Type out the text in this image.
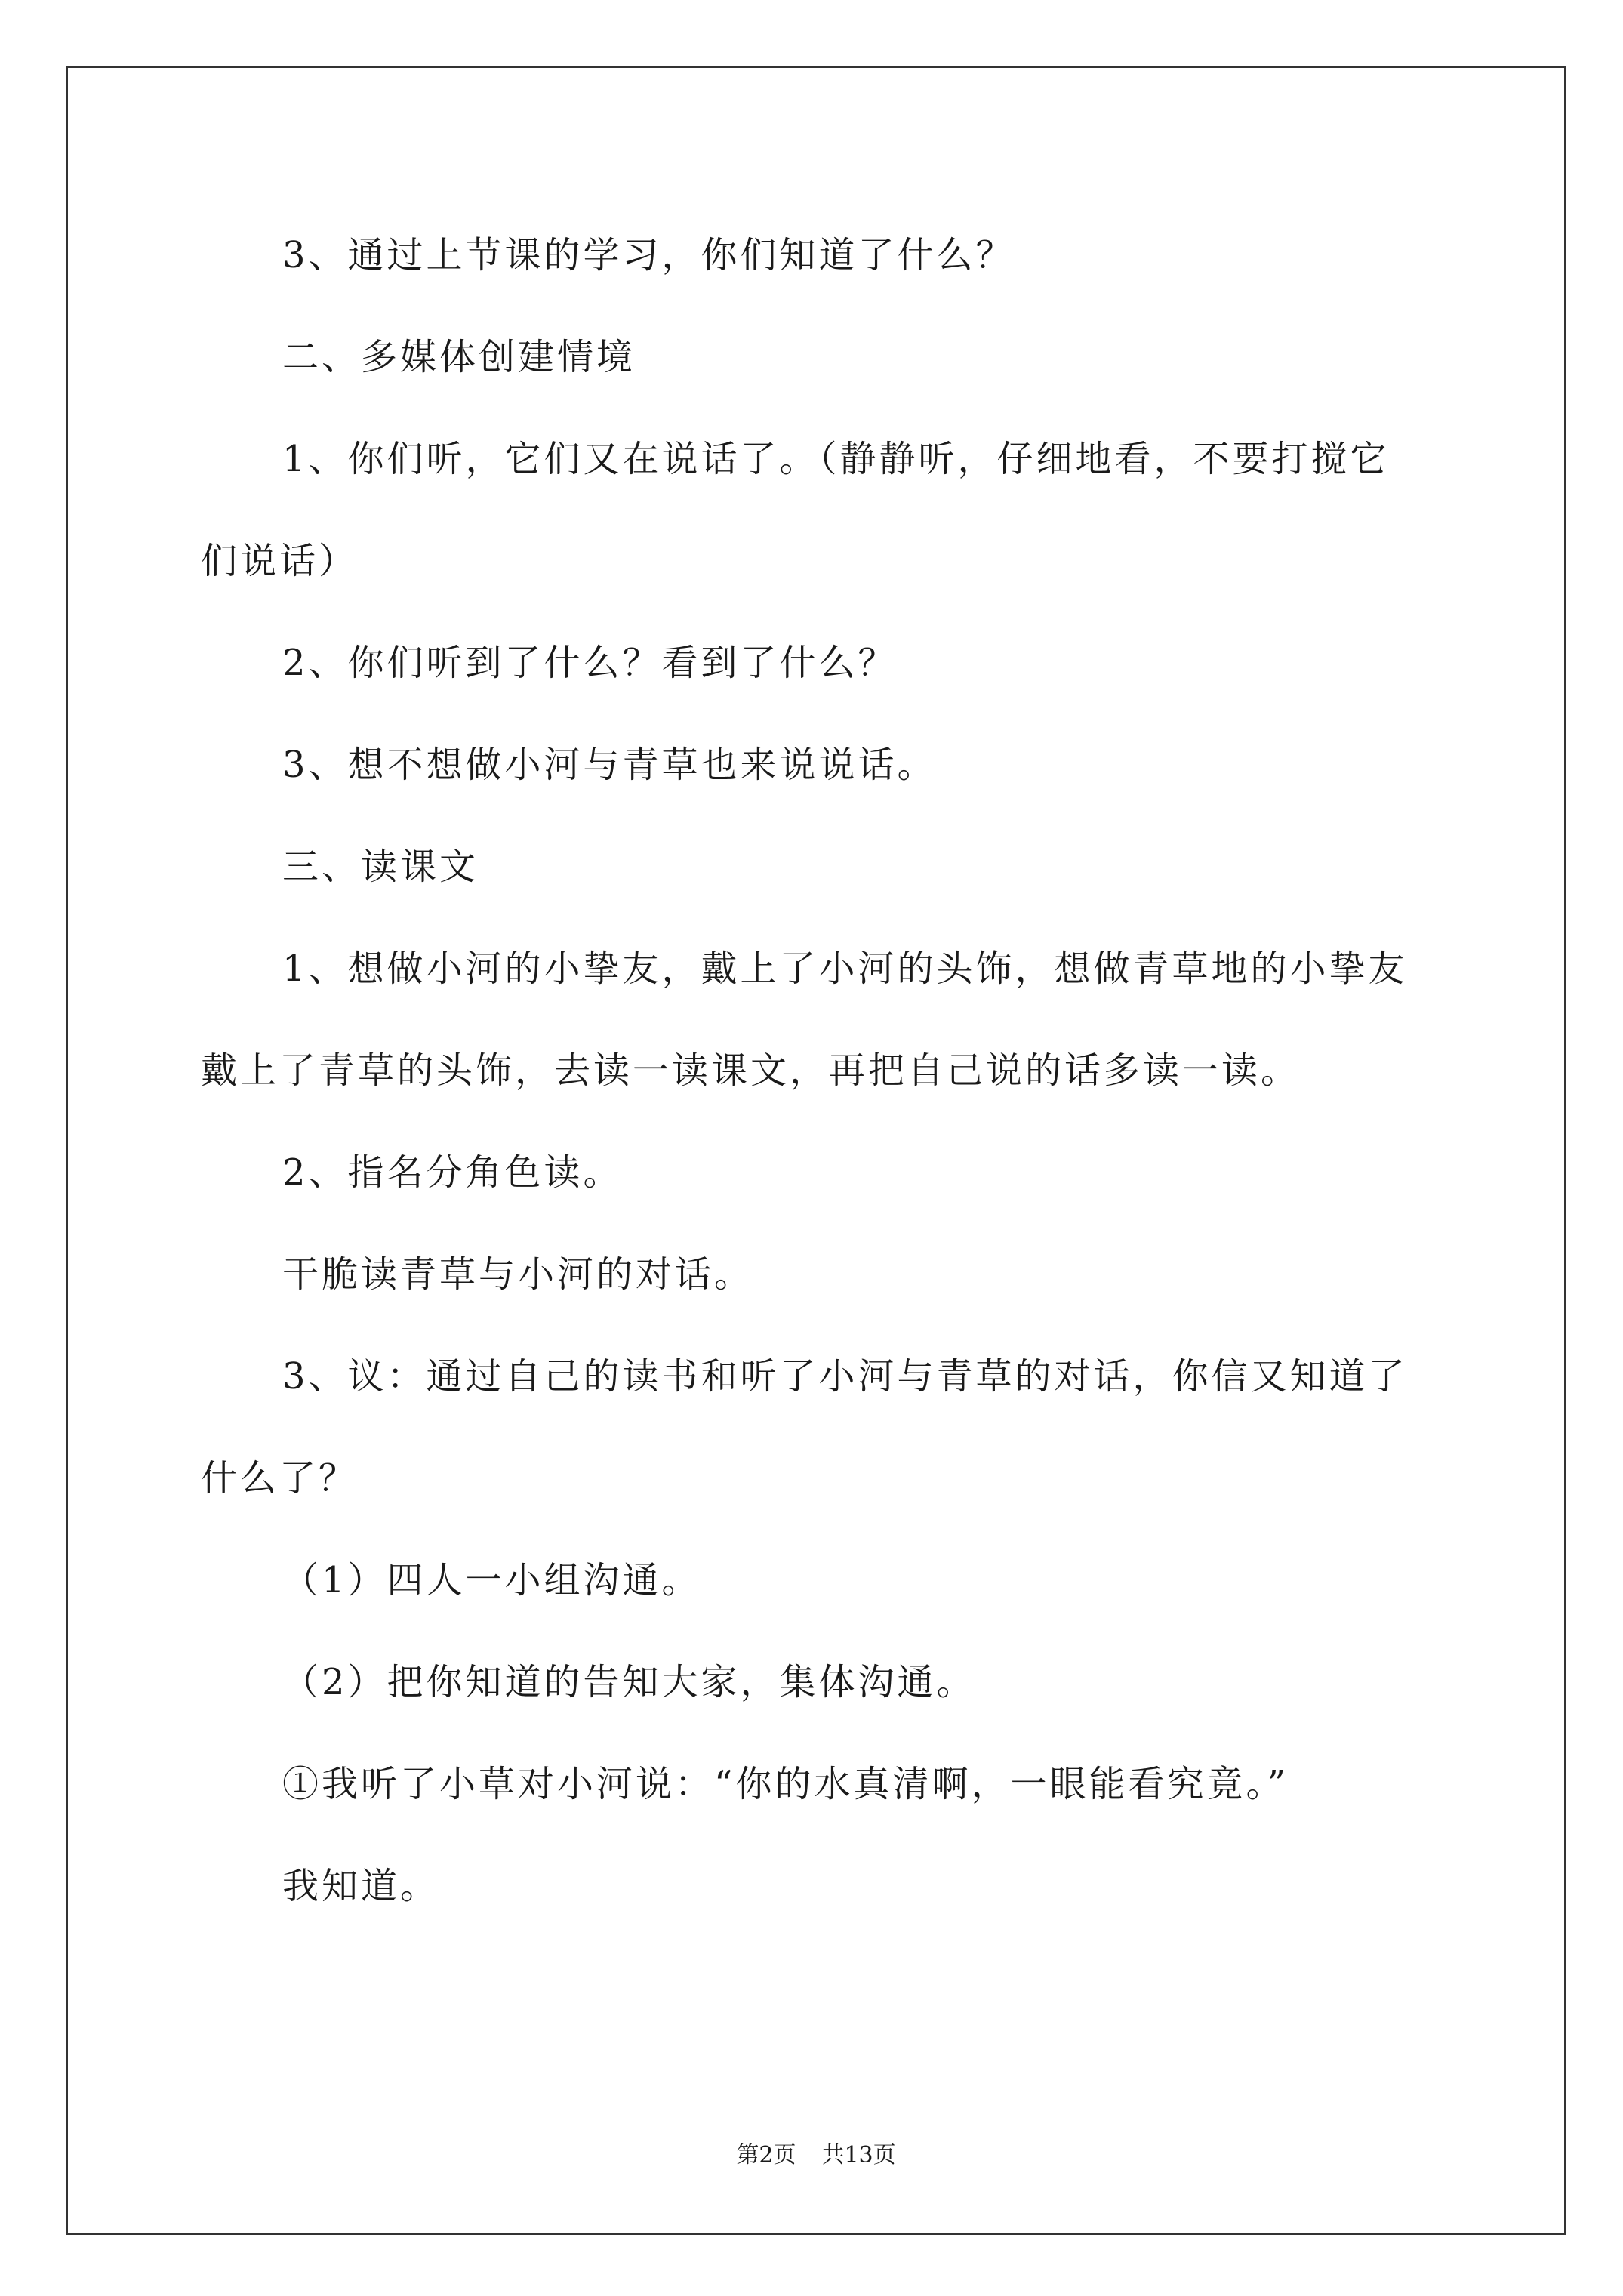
3、通过上节课的学习，你们知道了什么？
二、多媒体创建情境
1、你们听，它们又在说话了。（静静听，仔细地看，不要打搅它
们说话）
2、你们听到了什么？看到了什么？
3、想不想做小河与青草也来说说话。
三、读课文
1、想做小河的小挚友，戴上了小河的头饰，想做青草地的小挚友
戴上了青草的头饰，去读一读课文，再把自己说的话多读一读。
2、指名分角色读。
干脆读青草与小河的对话。
3、议：通过自己的读书和听了小河与青草的对话，你信又知道了
什么了？
（1）四人一小组沟通。
（2）把你知道的告知大家，集体沟通。
①我听了小草对小河说：“你的水真清啊，一眼能看究竟。”
我知道。
第2页 共13页
